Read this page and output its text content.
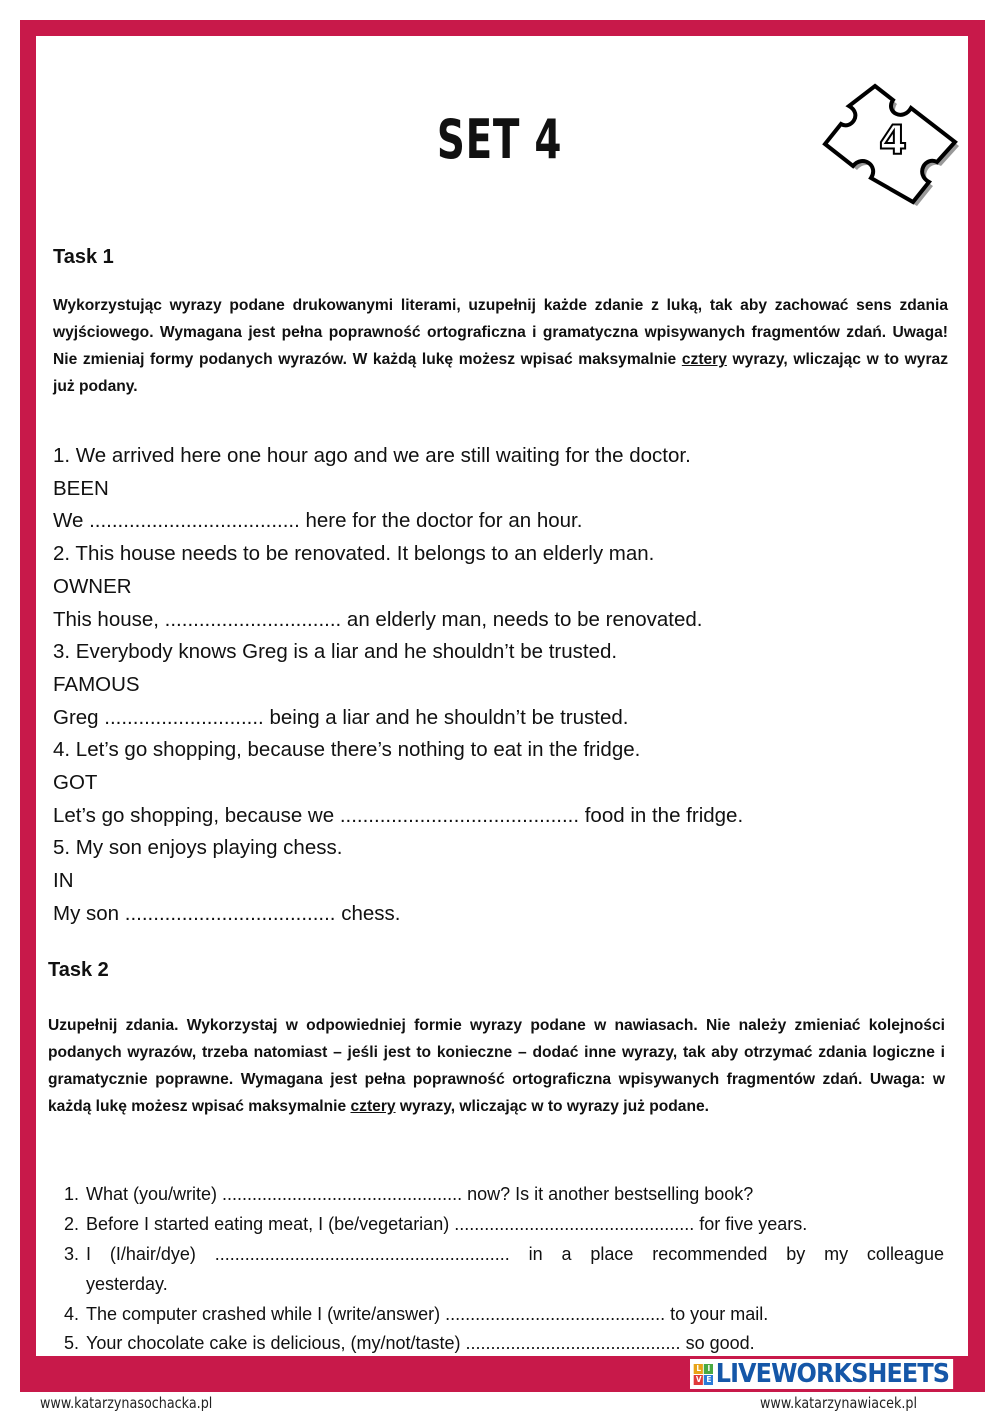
SET 4	4
Task 1
Wykorzystując wyrazy podane drukowanymi literami, uzupełnij każde zdanie z luką, tak aby zachować sens zdania wyjściowego. Wymagana jest pełna poprawność ortograficzna i gramatyczna wpisywanych fragmentów zdań. Uwaga! Nie zmieniaj formy podanych wyrazów. W każdą lukę możesz wpisać maksymalnie cztery wyrazy, wliczając w to wyraz już podany.
1. We arrived here one hour ago and we are still waiting for the doctor.
BEEN
We ..................................... here for the doctor for an hour.
2. This house needs to be renovated. It belongs to an elderly man.
OWNER
This house, ............................... an elderly man, needs to be renovated.
3. Everybody knows Greg is a liar and he shouldn’t be trusted.
FAMOUS
Greg ............................ being a liar and he shouldn’t be trusted.
4. Let’s go shopping, because there’s nothing to eat in the fridge.
GOT
Let’s go shopping, because we .......................................... food in the fridge.
5. My son enjoys playing chess.
IN
My son ..................................... chess.
Task 2
Uzupełnij zdania. Wykorzystaj w odpowiedniej formie wyrazy podane w nawiasach. Nie należy zmieniać kolejności podanych wyrazów, trzeba natomiast – jeśli jest to konieczne – dodać inne wyrazy, tak aby otrzymać zdania logiczne i gramatycznie poprawne. Wymagana jest pełna poprawność ortograficzna wpisywanych fragmentów zdań. Uwaga: w każdą lukę możesz wpisać maksymalnie cztery wyrazy, wliczając w to wyrazy już podane.
1. What (you/write) ................................................ now? Is it another bestselling book?
2. Before I started eating meat, I (be/vegetarian) ................................................ for five years.
3. I (I/hair/dye) ........................................................... in a place recommended by my colleague
yesterday.
4. The computer crashed while I (write/answer) ............................................ to your mail.
5. Your chocolate cake is delicious, (my/not/taste) ........................................... so good.
www.katarzynasochacka.pl	www.katarzynawiacek.pl
L I
V E LIVEWORKSHEETS
